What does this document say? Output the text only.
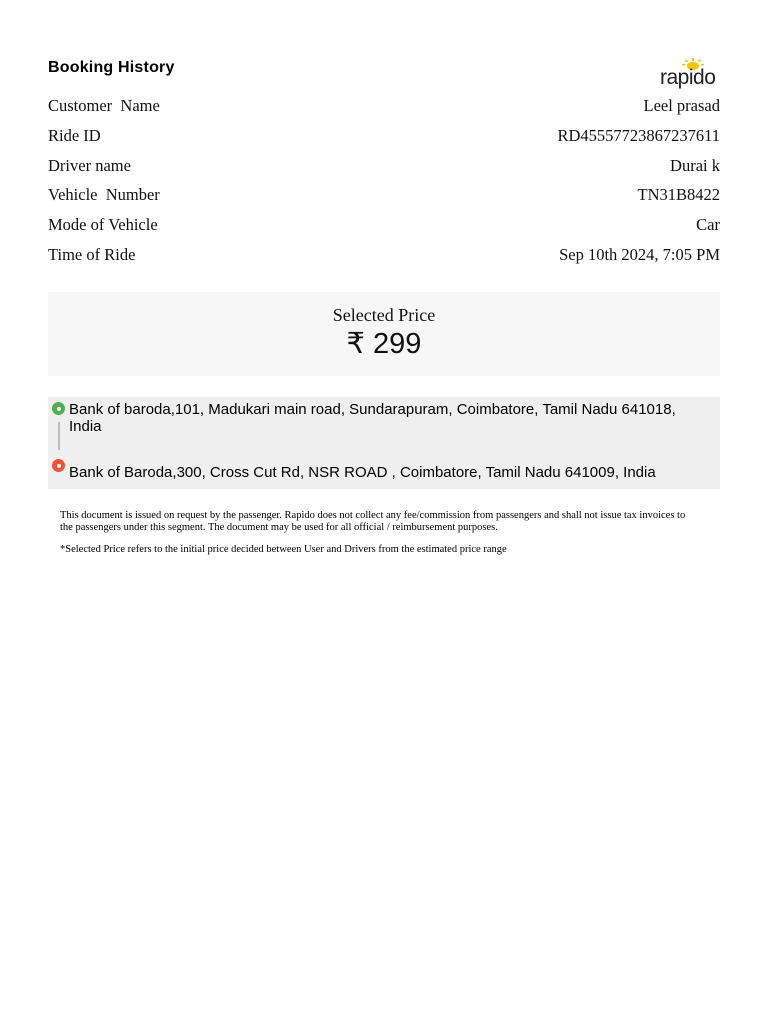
Booking History	rapido
Customer  Name	Leel prasad
Ride ID	RD45557723867237611
Driver name	Durai k
Vehicle  Number	TN31B8422
Mode of Vehicle	Car
Time of Ride	Sep 10th 2024, 7:05 PM
Selected Price
₹ 299
Bank of baroda,101, Madukari main road, Sundarapuram, Coimbatore, Tamil Nadu 641018, India
Bank of Baroda,300, Cross Cut Rd, NSR ROAD , Coimbatore, Tamil Nadu 641009, India
This document is issued on request by the passenger. Rapido does not collect any fee/commission from passengers and shall not issue tax invoices to the passengers under this segment. The document may be used for all official / reimbursement purposes.
*Selected Price refers to the initial price decided between User and Drivers from the estimated price range
